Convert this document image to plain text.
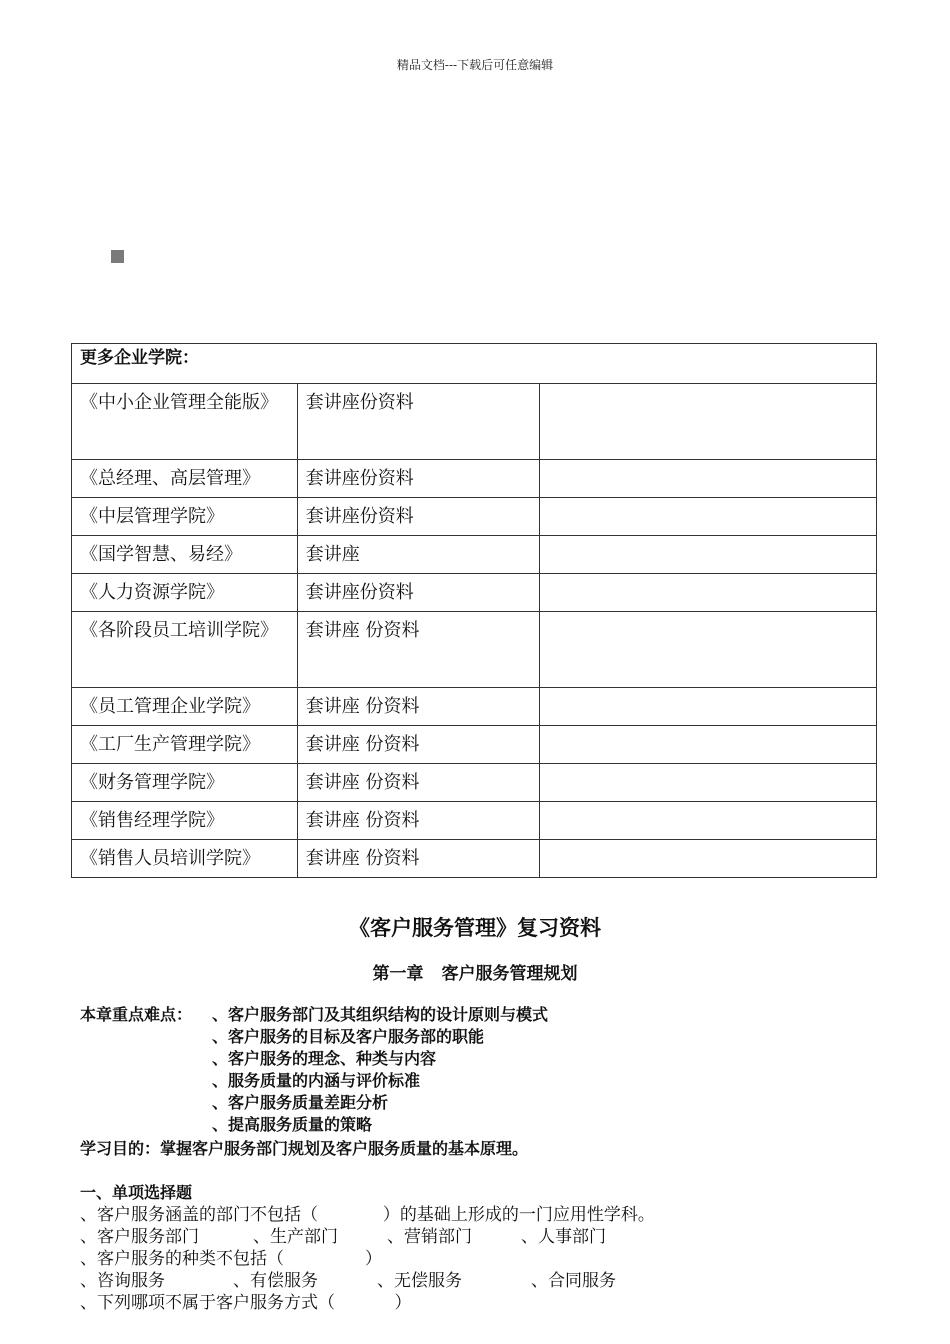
精品文档---下载后可任意编辑
更多企业学院：		
《中小企业管理全能版》	套讲座份资料	
《总经理、高层管理》	套讲座份资料	
《中层管理学院》	套讲座份资料	
《国学智慧、易经》	套讲座	
《人力资源学院》	套讲座份资料	
《各阶段员工培训学院》	套讲座 份资料	
《员工管理企业学院》	套讲座 份资料	
《工厂生产管理学院》	套讲座 份资料	
《财务管理学院》	套讲座 份资料	
《销售经理学院》	套讲座 份资料	
《销售人员培训学院》	套讲座 份资料	
《客户服务管理》复习资料
第一章 客户服务管理规划
本章重点难点： 、客户服务部门及其组织结构的设计原则与模式
、客户服务的目标及客户服务部的职能
、客户服务的理念、种类与内容
、服务质量的内涵与评价标准
、客户服务质量差距分析
、提高服务质量的策略
学习目的：掌握客户服务部门规划及客户服务质量的基本原理。
一、单项选择题
、客户服务涵盖的部门不包括（            ）的基础上形成的一门应用性学科。
、客户服务部门	、生产部门	、营销部门	、人事部门
、客户服务的种类不包括（               ）
、咨询服务	、有偿服务	、无偿服务	、合同服务
、下列哪项不属于客户服务方式（           ）
